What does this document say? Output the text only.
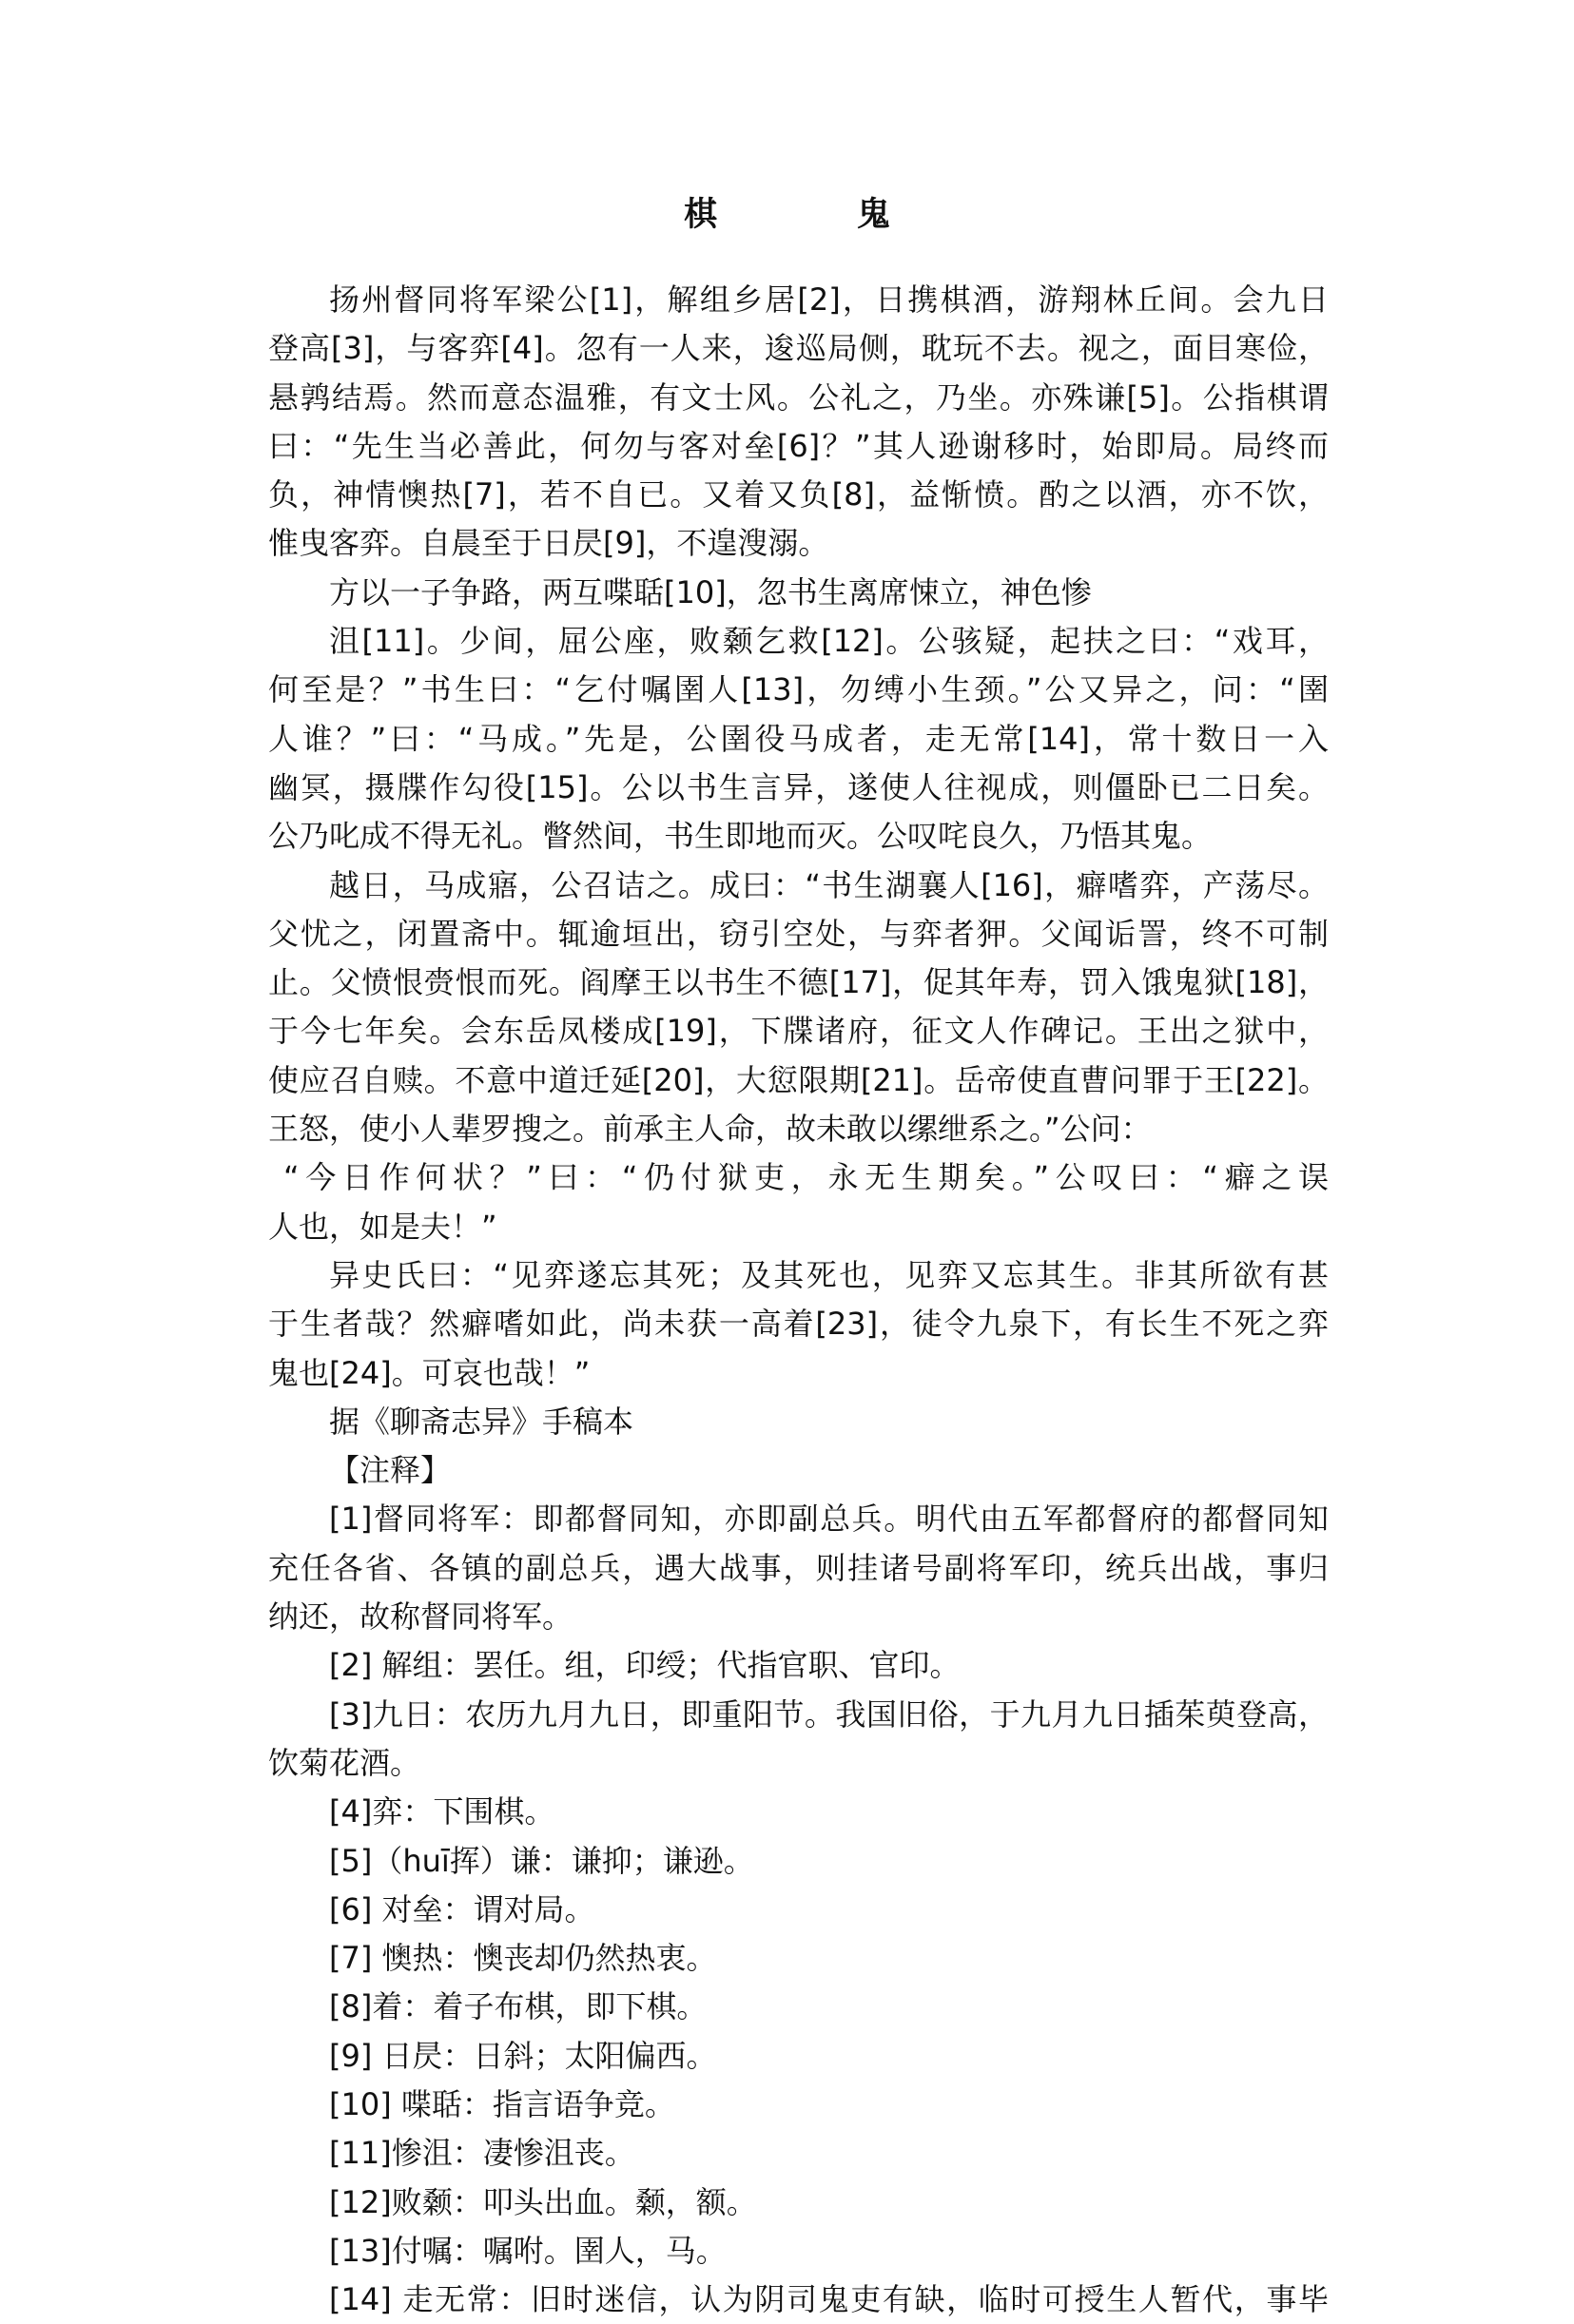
棋　鬼
扬州督同将军梁公[1]，解组乡居[2]，日携棋酒，游翔林丘间。会九日
登高[3]，与客弈[4]。忽有一人来，逡巡局侧，耽玩不去。视之，面目寒俭，
悬鹑结焉。然而意态温雅，有文士风。公礼之，乃坐。亦殊谦[5]。公指棋谓
曰：“先生当必善此，何勿与客对垒[6]？”其人逊谢移时，始即局。局终而
负，神情懊热[7]，若不自已。又着又负[8]，益惭愤。酌之以酒，亦不饮，
惟曳客弈。自晨至于日昃[9]，不遑溲溺。
方以一子争路，两互喋聒[10]，忽书生离席悚立，神色惨
沮[11]。少间，屈公座，败颡乞救[12]。公骇疑，起扶之曰：“戏耳，
何至是？”书生曰：“乞付嘱圉人[13]，勿缚小生颈。”公又异之，问：“圉
人谁？”曰：“马成。”先是，公圉役马成者，走无常[14]，常十数日一入
幽冥，摄牒作勾役[15]。公以书生言异，遂使人往视成，则僵卧已二日矣。
公乃叱成不得无礼。瞥然间，书生即地而灭。公叹咤良久，乃悟其鬼。
越日，马成寤，公召诘之。成曰：“书生湖襄人[16]，癖嗜弈，产荡尽。
父忧之，闭置斋中。辄逾垣出，窃引空处，与弈者狎。父闻诟詈，终不可制
止。父愤恨赍恨而死。阎摩王以书生不德[17]，促其年寿，罚入饿鬼狱[18]，
于今七年矣。会东岳凤楼成[19]，下牒诸府，征文人作碑记。王出之狱中，
使应召自赎。不意中道迁延[20]，大愆限期[21]。岳帝使直曹问罪于王[22]。
王怒，使小人辈罗搜之。前承主人命，故未敢以缧绁系之。”公问：
“今日作何状？”曰：“仍付狱吏，永无生期矣。”公叹曰：“癖之误
人也，如是夫！”
异史氏曰：“见弈遂忘其死；及其死也，见弈又忘其生。非其所欲有甚
于生者哉？然癖嗜如此，尚未获一高着[23]，徒令九泉下，有长生不死之弈
鬼也[24]。可哀也哉！”
据《聊斋志异》手稿本
【注释】
[1]督同将军：即都督同知，亦即副总兵。明代由五军都督府的都督同知
充任各省、各镇的副总兵，遇大战事，则挂诸号副将军印，统兵出战，事归
纳还，故称督同将军。
[2] 解组：罢任。组，印绶；代指官职、官印。
[3]九日：农历九月九日，即重阳节。我国旧俗，于九月九日插茱萸登高，
饮菊花酒。
[4]弈：下围棋。
[5]（huī挥）谦：谦抑；谦逊。
[6] 对垒：谓对局。
[7] 懊热：懊丧却仍然热衷。
[8]着：着子布棋，即下棋。
[9] 日昃：日斜；太阳偏西。
[10] 喋聒：指言语争竞。
[11]惨沮：凄惨沮丧。
[12]败颡：叩头出血。颡，额。
[13]付嘱：嘱咐。圉人，马。
[14] 走无常：旧时迷信，认为阴司鬼吏有缺，临时可授生人暂代，事毕
